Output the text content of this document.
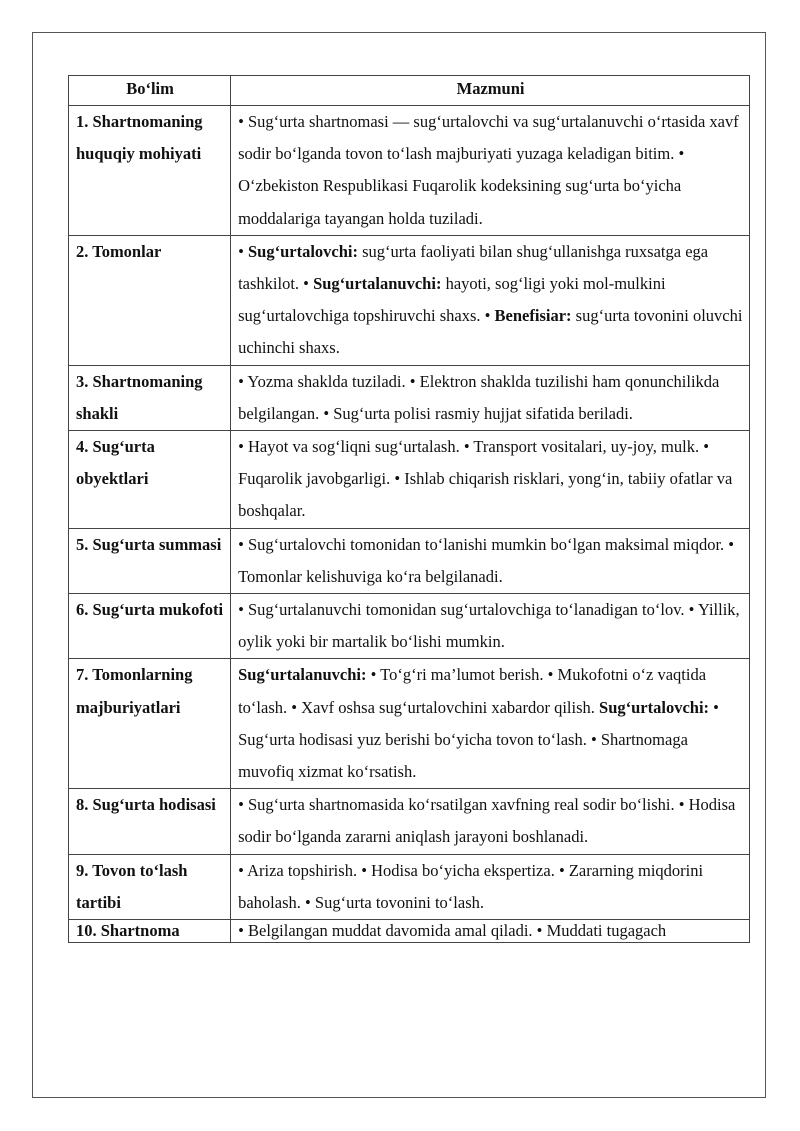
Bo‘lim	Mazmuni
1. Shartnomaning huquqiy mohiyati	• Sug‘urta shartnomasi — sug‘urtalovchi va sug‘urtalanuvchi o‘rtasida xavf sodir bo‘lganda tovon to‘lash majburiyati yuzaga keladigan bitim. • O‘zbekiston Respublikasi Fuqarolik kodeksining sug‘urta bo‘yicha moddalariga tayangan holda tuziladi.
2. Tomonlar	• Sug‘urtalovchi: sug‘urta faoliyati bilan shug‘ullanishga ruxsatga ega tashkilot. • Sug‘urtalanuvchi: hayoti, sog‘ligi yoki mol-mulkini sug‘urtalovchiga topshiruvchi shaxs. • Benefisiar: sug‘urta tovonini oluvchi uchinchi shaxs.
3. Shartnomaning shakli	• Yozma shaklda tuziladi. • Elektron shaklda tuzilishi ham qonunchilikda belgilangan. • Sug‘urta polisi rasmiy hujjat sifatida beriladi.
4. Sug‘urta obyektlari	• Hayot va sog‘liqni sug‘urtalash. • Transport vositalari, uy-joy, mulk. • Fuqarolik javobgarligi. • Ishlab chiqarish risklari, yong‘in, tabiiy ofatlar va boshqalar.
5. Sug‘urta summasi	• Sug‘urtalovchi tomonidan to‘lanishi mumkin bo‘lgan maksimal miqdor. • Tomonlar kelishuviga ko‘ra belgilanadi.
6. Sug‘urta mukofoti	• Sug‘urtalanuvchi tomonidan sug‘urtalovchiga to‘lanadigan to‘lov. • Yillik, oylik yoki bir martalik bo‘lishi mumkin.
7. Tomonlarning majburiyatlari	Sug‘urtalanuvchi: • To‘g‘ri ma’lumot berish. • Mukofotni o‘z vaqtida to‘lash. • Xavf oshsa sug‘urtalovchini xabardor qilish. Sug‘urtalovchi: • Sug‘urta hodisasi yuz berishi bo‘yicha tovon to‘lash. • Shartnomaga muvofiq xizmat ko‘rsatish.
8. Sug‘urta hodisasi	• Sug‘urta shartnomasida ko‘rsatilgan xavfning real sodir bo‘lishi. • Hodisa sodir bo‘lganda zararni aniqlash jarayoni boshlanadi.
9. Tovon to‘lash tartibi	• Ariza topshirish. • Hodisa bo‘yicha ekspertiza. • Zararning miqdorini baholash. • Sug‘urta tovonini to‘lash.
10. Shartnoma	• Belgilangan muddat davomida amal qiladi. • Muddati tugagach
